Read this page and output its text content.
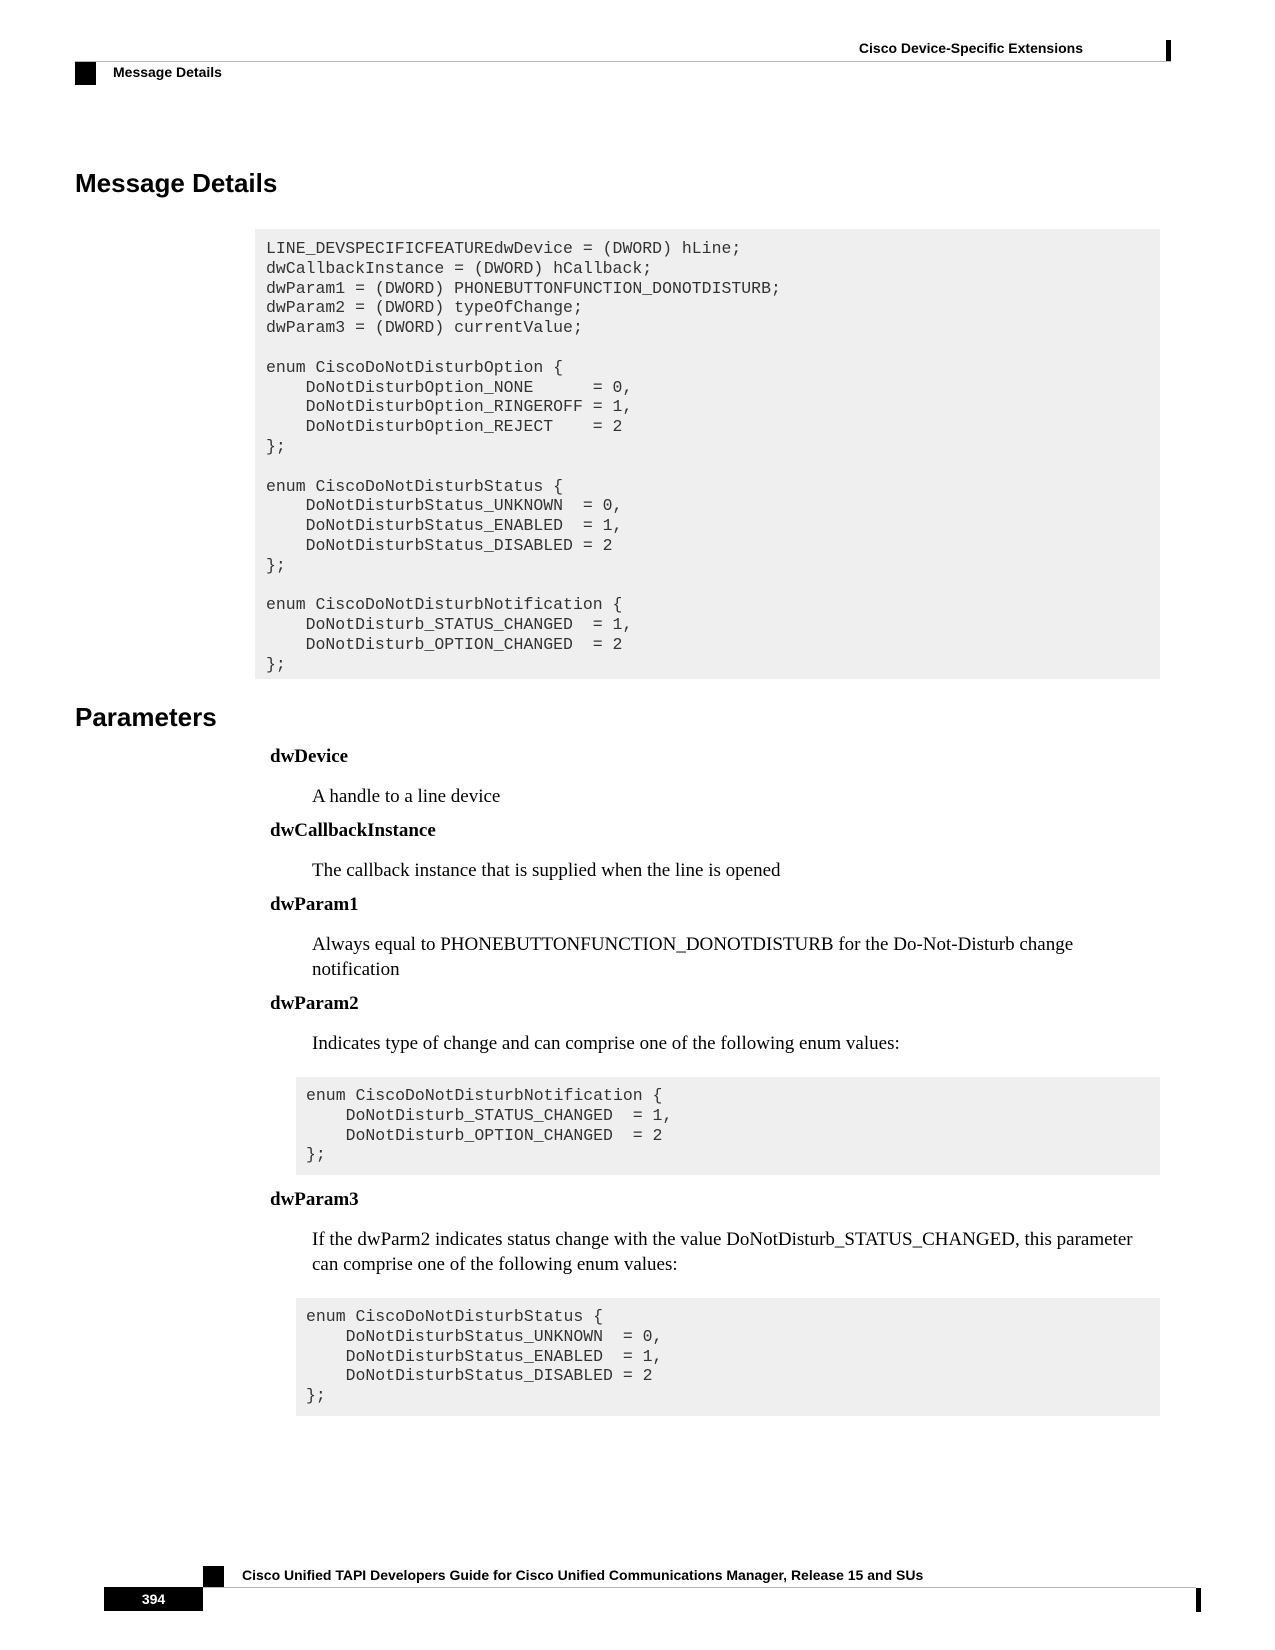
Cisco Device-Specific Extensions
Message Details
Message Details
LINE_DEVSPECIFICFEATUREdwDevice = (DWORD) hLine;
dwCallbackInstance = (DWORD) hCallback;
dwParam1 = (DWORD) PHONEBUTTONFUNCTION_DONOTDISTURB;
dwParam2 = (DWORD) typeOfChange;
dwParam3 = (DWORD) currentValue;

enum CiscoDoNotDisturbOption {
DoNotDisturbOption_NONE      = 0,
DoNotDisturbOption_RINGEROFF = 1,
DoNotDisturbOption_REJECT    = 2
};

enum CiscoDoNotDisturbStatus {
DoNotDisturbStatus_UNKNOWN  = 0,
DoNotDisturbStatus_ENABLED  = 1,
DoNotDisturbStatus_DISABLED = 2
};

enum CiscoDoNotDisturbNotification {
DoNotDisturb_STATUS_CHANGED  = 1,
DoNotDisturb_OPTION_CHANGED  = 2
};
Parameters
dwDevice
A handle to a line device
dwCallbackInstance
The callback instance that is supplied when the line is opened
dwParam1
Always equal to PHONEBUTTONFUNCTION_DONOTDISTURB for the Do-Not-Disturb change notification
dwParam2
Indicates type of change and can comprise one of the following enum values:
enum CiscoDoNotDisturbNotification {
DoNotDisturb_STATUS_CHANGED  = 1,
DoNotDisturb_OPTION_CHANGED  = 2
};
dwParam3
If the dwParm2 indicates status change with the value DoNotDisturb_STATUS_CHANGED, this parameter can comprise one of the following enum values:
enum CiscoDoNotDisturbStatus {
DoNotDisturbStatus_UNKNOWN  = 0,
DoNotDisturbStatus_ENABLED  = 1,
DoNotDisturbStatus_DISABLED = 2
};
Cisco Unified TAPI Developers Guide for Cisco Unified Communications Manager, Release 15 and SUs
394
